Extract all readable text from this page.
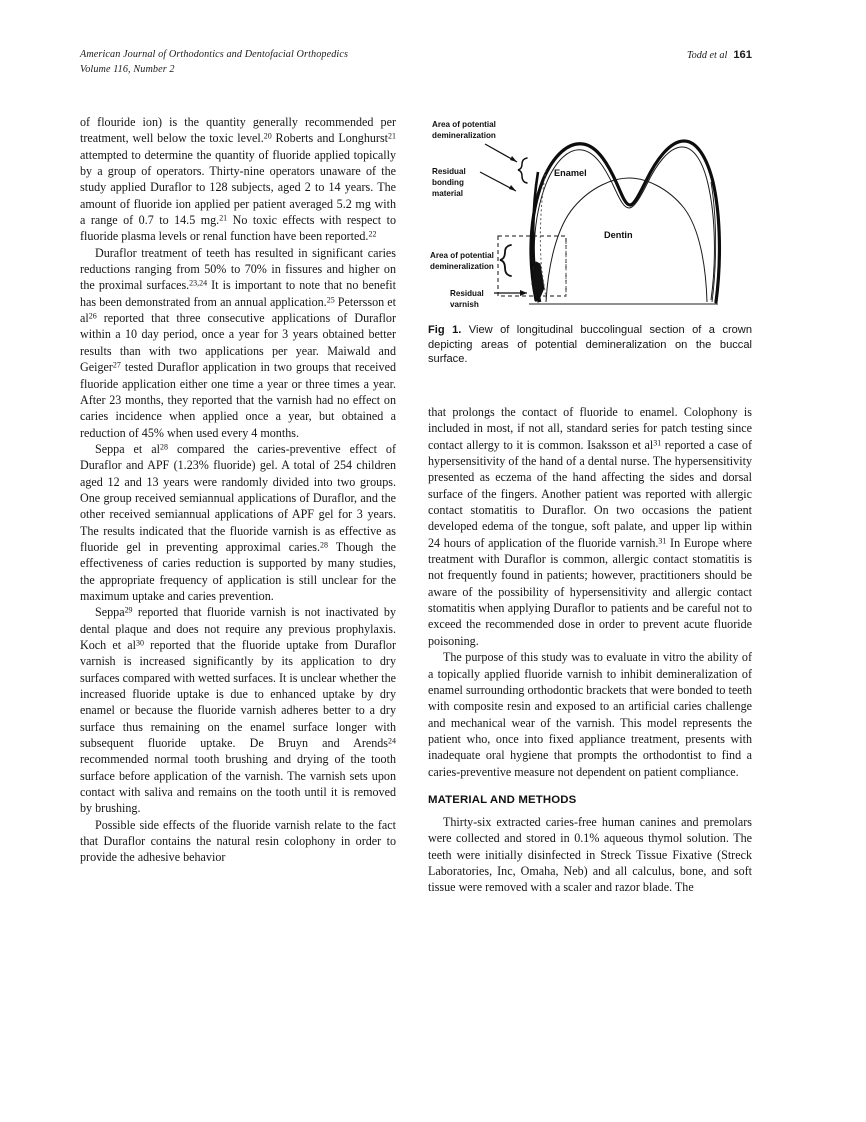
American Journal of Orthodontics and Dentofacial Orthopedics
Volume 116, Number 2
Todd et al 161

of flouride ion) is the quantity generally recommended per treatment, well below the toxic level.$^{20}$ Roberts and Longhurst$^{21}$ attempted to determine the quantity of fluoride applied topically by a group of operators. Thirty-nine operators unaware of the study applied Duraflor to 128 subjects, aged 2 to 14 years. The amount of fluoride ion applied per patient averaged 5.2 mg with a range of 0.7 to 14.5 mg.$^{21}$ No toxic effects with respect to fluoride plasma levels or renal function have been reported.$^{22}$

Duraflor treatment of teeth has resulted in significant caries reductions ranging from 50% to 70% in fissures and higher on the proximal surfaces.$^{23,24}$ It is important to note that no benefit has been demonstrated from an annual application.$^{25}$ Petersson et $al^{26}$ reported that three consecutive applications of Duraflor within a 10 day period, once a year for 3 years obtained better results than with two applications per year. Maiwald and Geiger$^{27}$ tested Duraflor application in two groups that received fluoride application either one time a year or three times a year. After 23 months, they reported that the varnish had no effect on caries incidence when applied once a year, but obtained a reduction of 45% when used every 4 months.

Seppa et $al^{28}$ compared the caries-preventive effect of Duraflor and APF (1.23% fluoride) gel. A total of 254 children aged 12 and 13 years were randomly divided into two groups. One group received semiannual applications of Duraflor, and the other received semiannual applications of APF gel for 3 years. The results indicated that the fluoride varnish is as effective as fluoride gel in preventing approximal caries.$^{28}$ Though the effectiveness of caries reduction is supported by many studies, the appropriate frequency of application is still unclear for the maximum uptake and caries prevention.

Seppa$^{29}$ reported that fluoride varnish is not inactivated by dental plaque and does not require any previous prophylaxis. Koch et $al^{30}$ reported that the fluoride uptake from Duraflor varnish is increased significantly by its application to dry surfaces compared with wetted surfaces. It is unclear whether the increased fluoride uptake is due to enhanced uptake by dry enamel or because the fluoride varnish adheres better to a dry surface thus remaining on the enamel surface longer with subsequent fluoride uptake. De Bruyn and Arends$^{24}$ recommended normal tooth brushing and drying of the tooth surface before application of the varnish. The varnish sets upon contact with saliva and remains on the tooth until it is removed by brushing.

Possible side effects of the fluoride varnish relate to the fact that Duraflor contains the natural resin colophony in order to provide the adhesive behavior

Area of potential demineralization
Residual bonding material
Area of potential demineralization
Residual varnish
Enamel
Dentin

Fig 1. View of longitudinal buccolingual section of a crown depicting areas of potential demineralization on the buccal surface.

that prolongs the contact of fluoride to enamel. Colophony is included in most, if not all, standard series for patch testing since contact allergy to it is common. Isaksson et $al^{31}$ reported a case of hypersensitivity of the hand of a dental nurse. The hypersensitivity presented as eczema of the hand affecting the sides and dorsal surface of the fingers. Another patient was reported with allergic contact stomatitis to Duraflor. On two occasions the patient developed edema of the tongue, soft palate, and upper lip within 24 hours of application of the fluoride varnish.$^{31}$ In Europe where treatment with Duraflor is common, allergic contact stomatitis is not frequently found in patients; however, practitioners should be aware of the possibility of hypersensitivity and allergic contact stomatitis when applying Duraflor to patients and be careful not to exceed the recommended dose in order to prevent acute fluoride poisoning.

The purpose of this study was to evaluate in vitro the ability of a topically applied fluoride varnish to inhibit demineralization of enamel surrounding orthodontic brackets that were bonded to teeth with composite resin and exposed to an artificial caries challenge and mechanical wear of the varnish. This model represents the patient who, once into fixed appliance treatment, presents with inadequate oral hygiene that prompts the orthodontist to find a caries-preventive measure not dependent on patient compliance.

MATERIAL AND METHODS

Thirty-six extracted caries-free human canines and premolars were collected and stored in 0.1% aqueous thymol solution. The teeth were initially disinfected in Streck Tissue Fixative (Streck Laboratories, Inc, Omaha, Neb) and all calculus, bone, and soft tissue were removed with a scaler and razor blade. The
